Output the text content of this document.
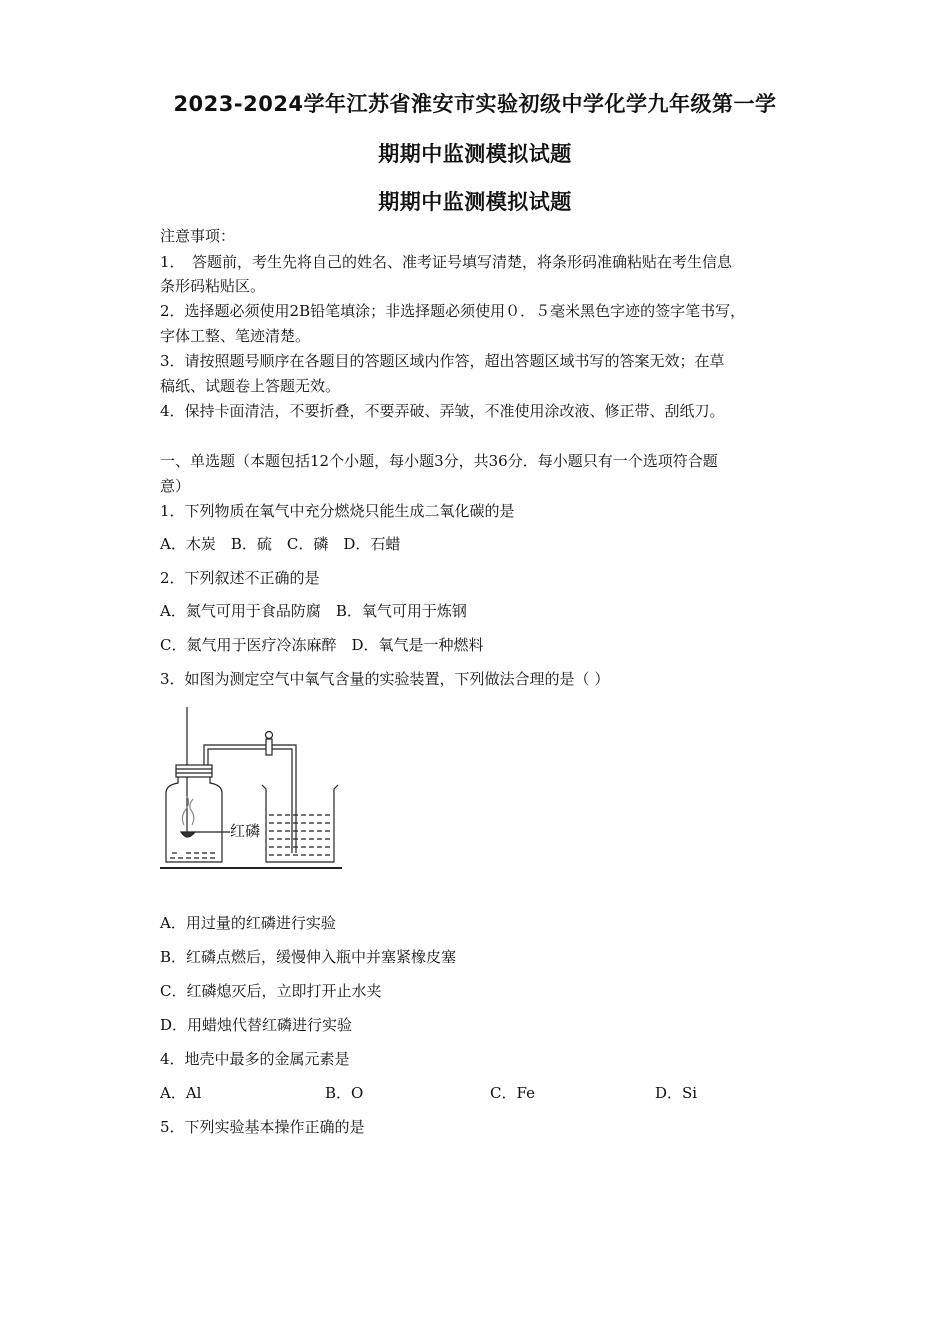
2023-2024学年江苏省淮安市实验初级中学化学九年级第一学
期期中监测模拟试题
期期中监测模拟试题
注意事项：
1．　答题前，考生先将自己的姓名、准考证号填写清楚，将条形码准确粘贴在考生信息
条形码粘贴区。
2．选择题必须使用2B铅笔填涂；非选择题必须使用０．５毫米黑色字迹的签字笔书写，
字体工整、笔迹清楚。
3．请按照题号顺序在各题目的答题区域内作答，超出答题区域书写的答案无效；在草
稿纸、试题卷上答题无效。
4．保持卡面清洁，不要折叠，不要弄破、弄皱，不准使用涂改液、修正带、刮纸刀。
一、单选题（本题包括12个小题，每小题3分，共36分．每小题只有一个选项符合题
意）
1．下列物质在氧气中充分燃烧只能生成二氧化碳的是
A．木炭　B．硫　C．磷　D．石蜡
2．下列叙述不正确的是
A．氮气可用于食品防腐　B．氧气可用于炼钢
C．氮气用于医疗冷冻麻醉　D．氧气是一种燃料
3．如图为测定空气中氧气含量的实验装置，下列做法合理的是（ ）
红磷
A．用过量的红磷进行实验
B．红磷点燃后，缓慢伸入瓶中并塞紧橡皮塞
C．红磷熄灭后，立即打开止水夹
D．用蜡烛代替红磷进行实验
4．地壳中最多的金属元素是
A．Al	B．O	C．Fe	D．Si
5．下列实验基本操作正确的是
